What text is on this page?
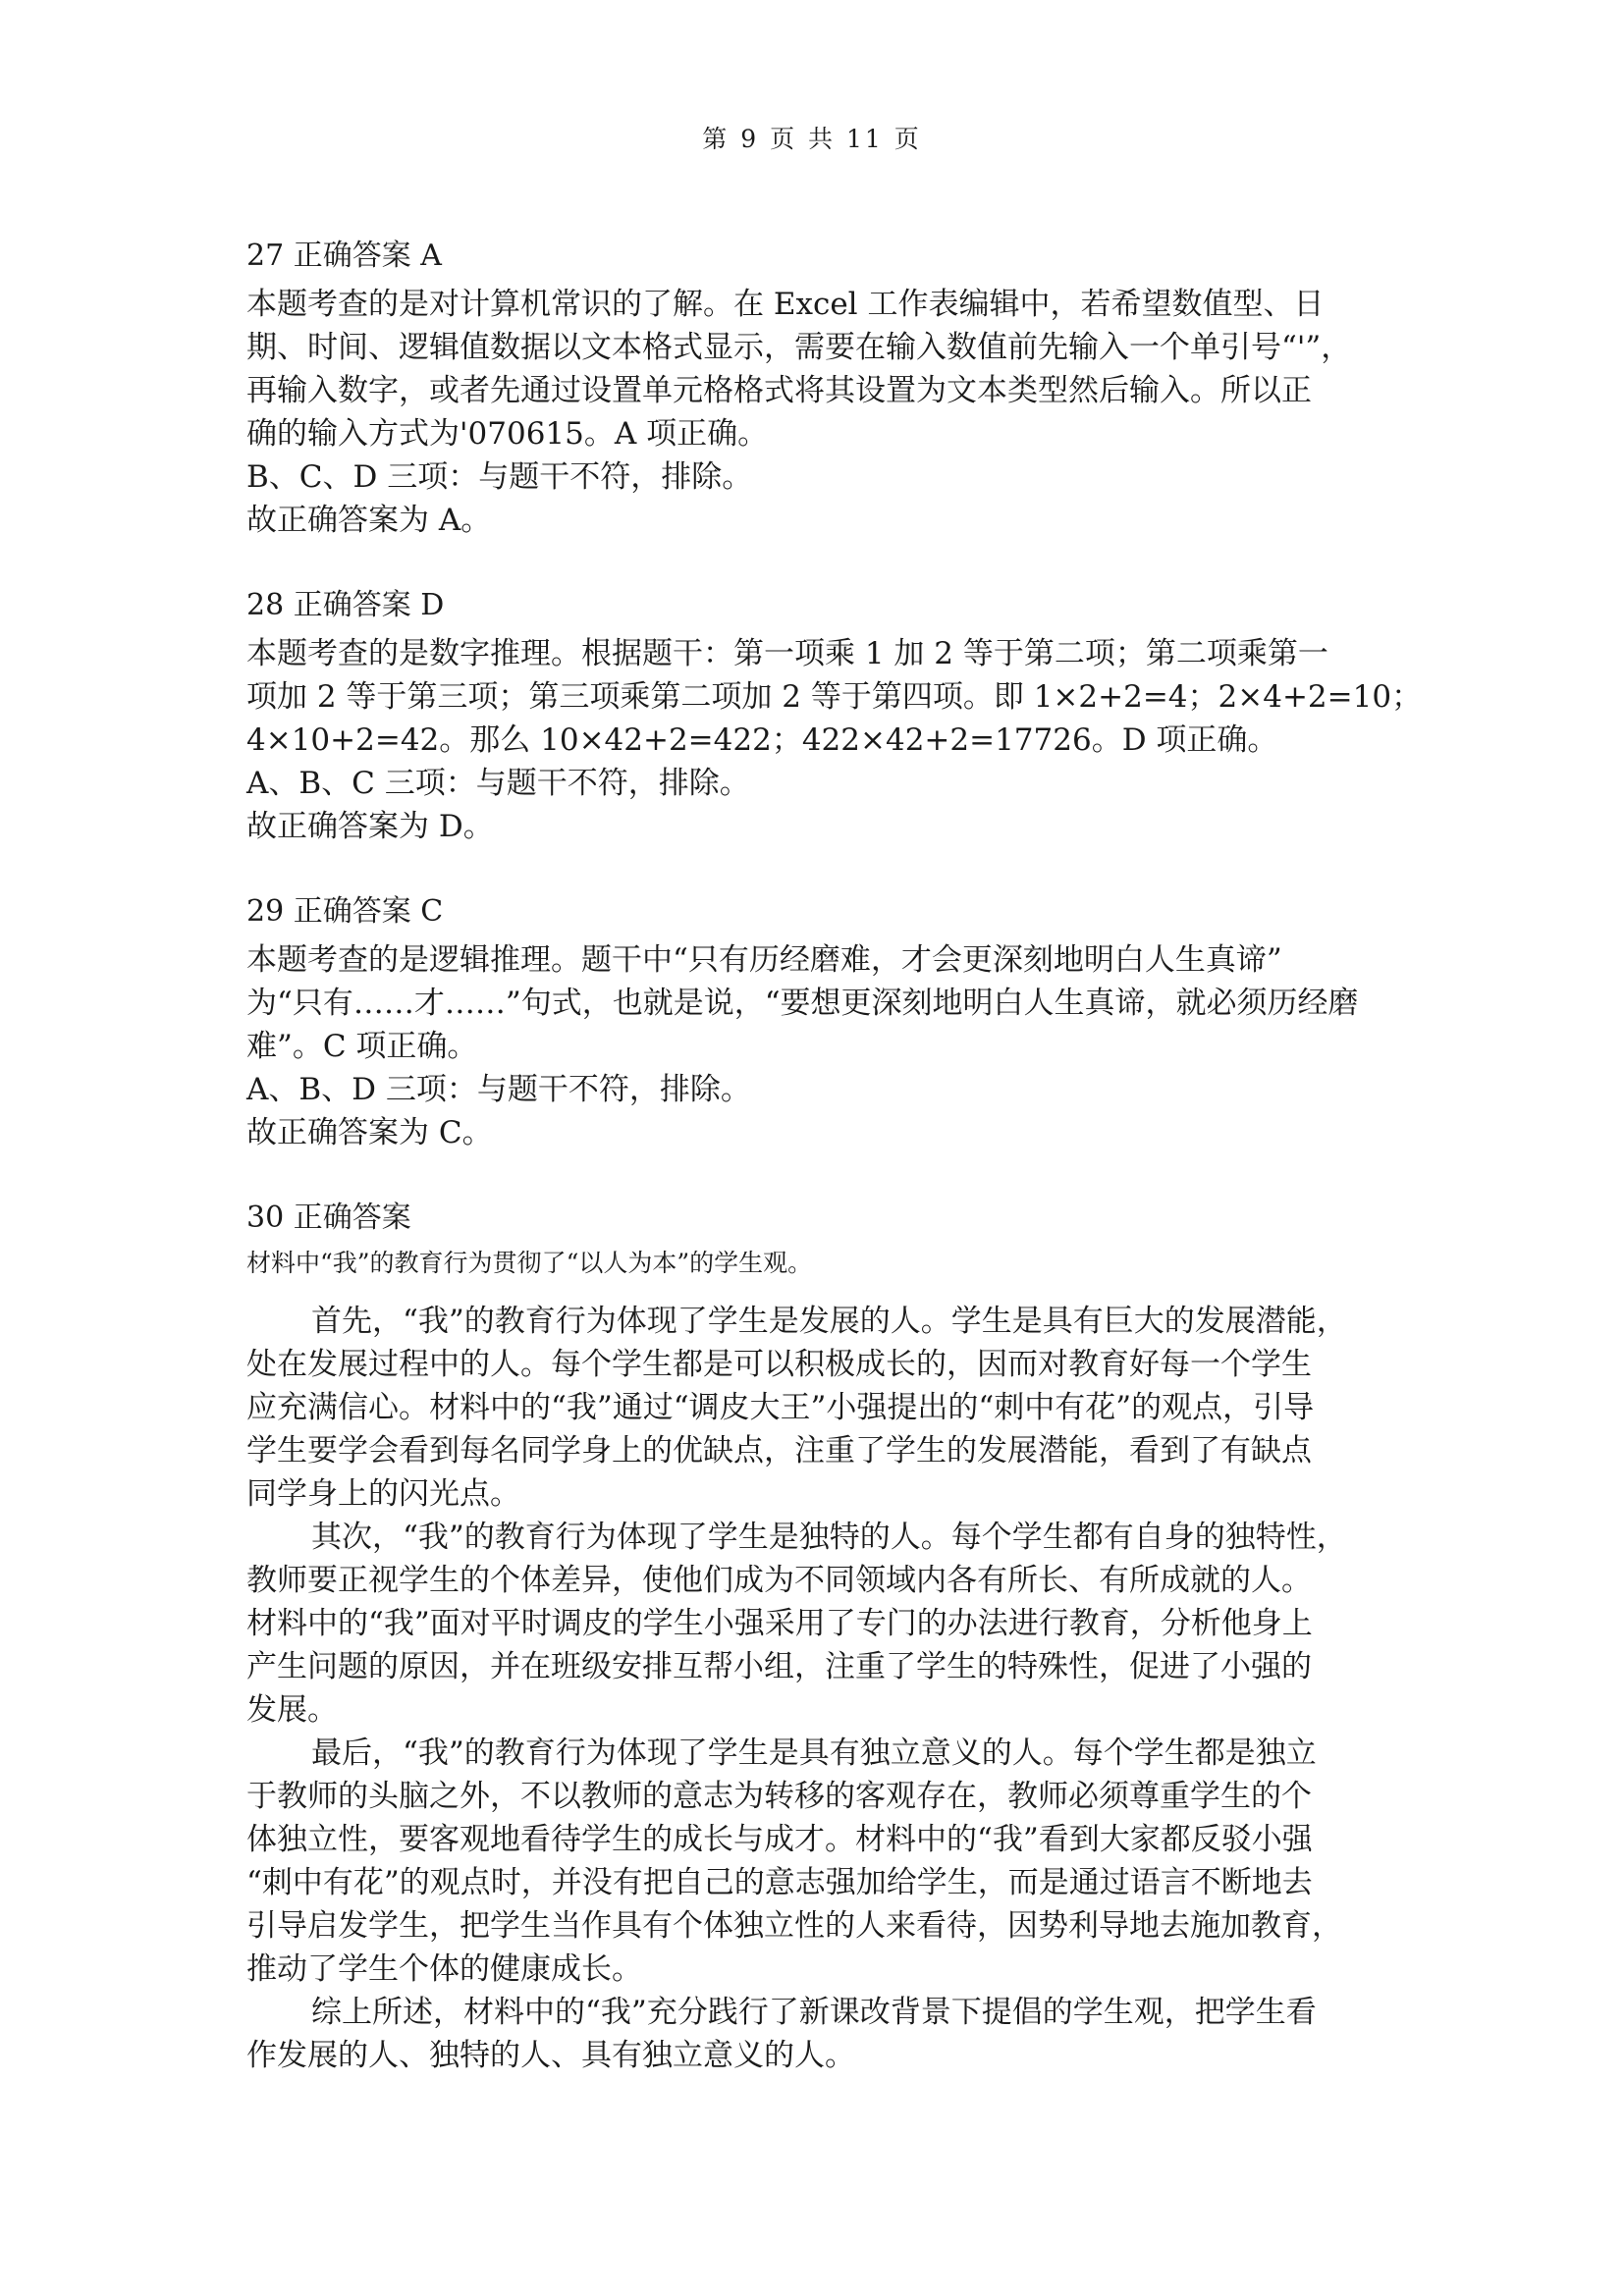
第 9 页 共 11 页
27 正确答案 A
本题考查的是对计算机常识的了解。在 Excel 工作表编辑中，若希望数值型、日
期、时间、逻辑值数据以文本格式显示，需要在输入数值前先输入一个单引号“'”，
再输入数字，或者先通过设置单元格格式将其设置为文本类型然后输入。所以正
确的输入方式为'070615。A 项正确。
B、C、D 三项：与题干不符，排除。
故正确答案为 A。
28 正确答案 D
本题考查的是数字推理。根据题干：第一项乘 1 加 2 等于第二项；第二项乘第一
项加 2 等于第三项；第三项乘第二项加 2 等于第四项。即 1×2+2=4；2×4+2=10；
4×10+2=42。那么 10×42+2=422；422×42+2=17726。D 项正确。
A、B、C 三项：与题干不符，排除。
故正确答案为 D。
29 正确答案 C
本题考查的是逻辑推理。题干中“只有历经磨难，才会更深刻地明白人生真谛”
为“只有……才……”句式，也就是说，“要想更深刻地明白人生真谛，就必须历经磨
难”。C 项正确。
A、B、D 三项：与题干不符，排除。
故正确答案为 C。
30 正确答案
材料中“我”的教育行为贯彻了“以人为本”的学生观。
首先，“我”的教育行为体现了学生是发展的人。学生是具有巨大的发展潜能，
处在发展过程中的人。每个学生都是可以积极成长的，因而对教育好每一个学生
应充满信心。材料中的“我”通过“调皮大王”小强提出的“刺中有花”的观点，引导
学生要学会看到每名同学身上的优缺点，注重了学生的发展潜能，看到了有缺点
同学身上的闪光点。
其次，“我”的教育行为体现了学生是独特的人。每个学生都有自身的独特性，
教师要正视学生的个体差异，使他们成为不同领域内各有所长、有所成就的人。
材料中的“我”面对平时调皮的学生小强采用了专门的办法进行教育，分析他身上
产生问题的原因，并在班级安排互帮小组，注重了学生的特殊性，促进了小强的
发展。
最后，“我”的教育行为体现了学生是具有独立意义的人。每个学生都是独立
于教师的头脑之外，不以教师的意志为转移的客观存在，教师必须尊重学生的个
体独立性，要客观地看待学生的成长与成才。材料中的“我”看到大家都反驳小强
“刺中有花”的观点时，并没有把自己的意志强加给学生，而是通过语言不断地去
引导启发学生，把学生当作具有个体独立性的人来看待，因势利导地去施加教育，
推动了学生个体的健康成长。
综上所述，材料中的“我”充分践行了新课改背景下提倡的学生观，把学生看
作发展的人、独特的人、具有独立意义的人。
